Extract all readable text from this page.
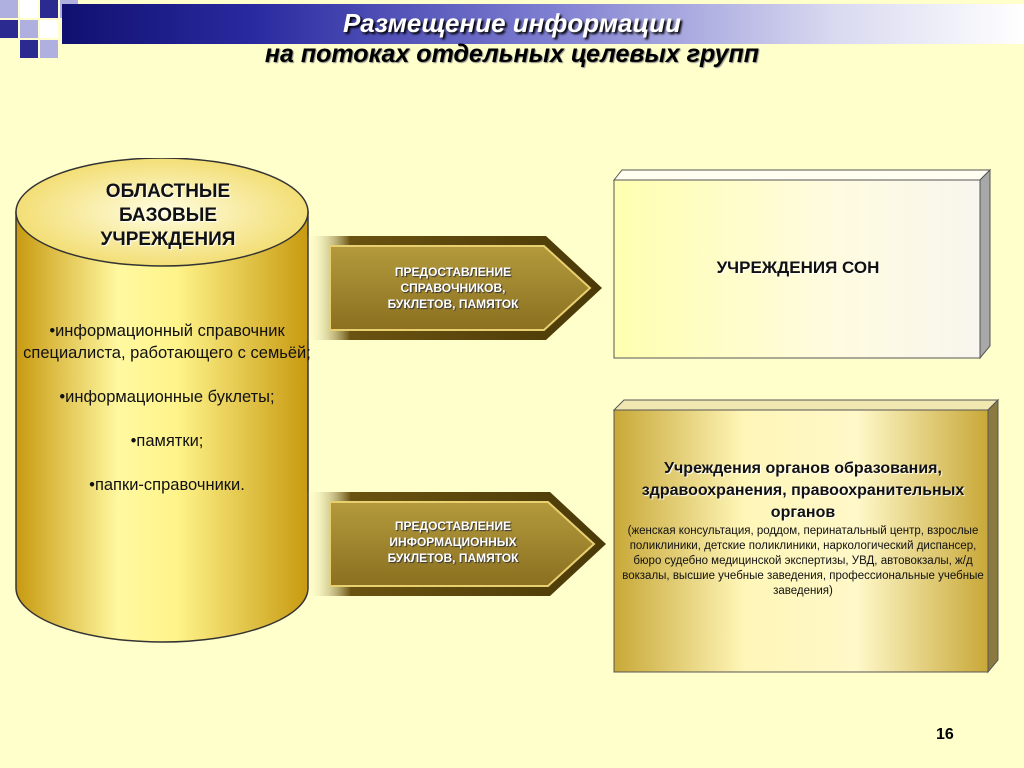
Размещение информации
на потоках отдельных целевых групп
ОБЛАСТНЫЕ БАЗОВЫЕ УЧРЕЖДЕНИЯ
•информационный справочник специалиста, работающего с семьёй;
•информационные буклеты;
•памятки;
•папки-справочники.
ПРЕДОСТАВЛЕНИЕ СПРАВОЧНИКОВ, БУКЛЕТОВ, ПАМЯТОК
ПРЕДОСТАВЛЕНИЕ ИНФОРМАЦИОННЫХ БУКЛЕТОВ, ПАМЯТОК
УЧРЕЖДЕНИЯ СОН
Учреждения органов образования, здравоохранения, правоохранительных органов
(женская консультация, роддом, перинатальный центр, взрослые поликлиники, детские поликлиники, наркологический диспансер, бюро судебно медицинской экспертизы, УВД, автовокзалы, ж/д вокзалы, высшие учебные заведения, профессиональные учебные заведения)
16
